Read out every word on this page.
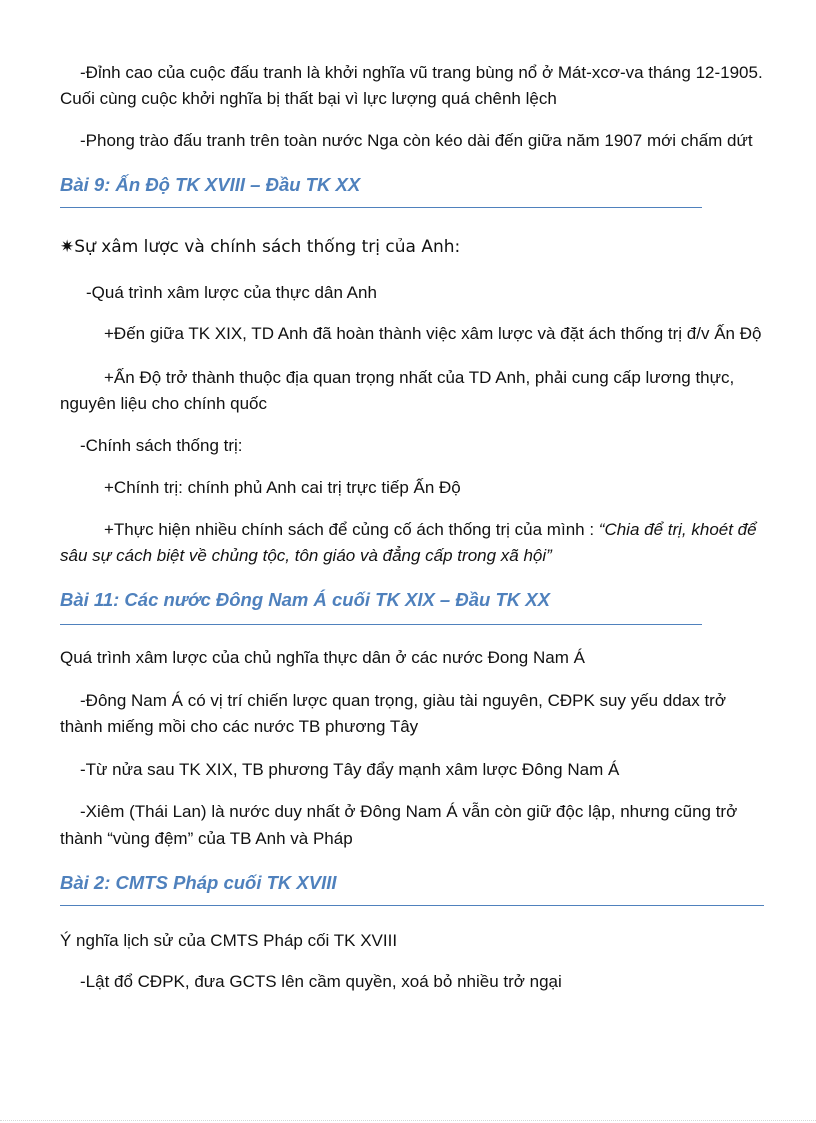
-Đỉnh cao của cuộc đấu tranh là khởi nghĩa vũ trang bùng nổ ở Mát-xcơ-va tháng 12-1905.
Cuối cùng cuộc khởi nghĩa bị thất bại vì lực lượng quá chênh lệch
-Phong trào đấu tranh trên toàn nước Nga còn kéo dài đến giữa năm 1907 mới chấm dứt
Bài 9: Ấn Độ TK XVIII – Đầu TK XX
✷Sự xâm lược và chính sách thống trị của Anh:
-Quá trình xâm lược của thực dân Anh
+Đến giữa TK XIX, TD Anh đã hoàn thành việc xâm lược và đặt ách thống trị đ/v Ấn Độ
+Ấn Độ trở thành thuộc địa quan trọng nhất của TD Anh, phải cung cấp lương thực,
nguyên liệu cho chính quốc
-Chính sách thống trị:
+Chính trị: chính phủ Anh cai trị trực tiếp Ấn Độ
+Thực hiện nhiều chính sách để củng cố ách thống trị của mình : “Chia để trị, khoét để
sâu sự cách biệt về chủng tộc, tôn giáo và đẳng cấp trong xã hội”
Bài 11: Các nước Đông Nam Á cuối TK XIX – Đầu TK XX
Quá trình xâm lược của chủ nghĩa thực dân ở các nước Đong Nam Á
-Đông Nam Á có vị trí chiến lược quan trọng, giàu tài nguyên, CĐPK suy yếu ddax trở
thành miếng mồi cho các nước TB phương Tây
-Từ nửa sau TK XIX, TB phương Tây đẩy mạnh xâm lược Đông Nam Á
-Xiêm (Thái Lan) là nước duy nhất ở Đông Nam Á vẫn còn giữ độc lập, nhưng cũng trở
thành “vùng đệm” của TB Anh và Pháp
Bài 2: CMTS Pháp cuối TK XVIII
Ý nghĩa lịch sử của CMTS Pháp cối TK XVIII
-Lật đổ CĐPK, đưa GCTS lên cầm quyền, xoá bỏ nhiều trở ngại
